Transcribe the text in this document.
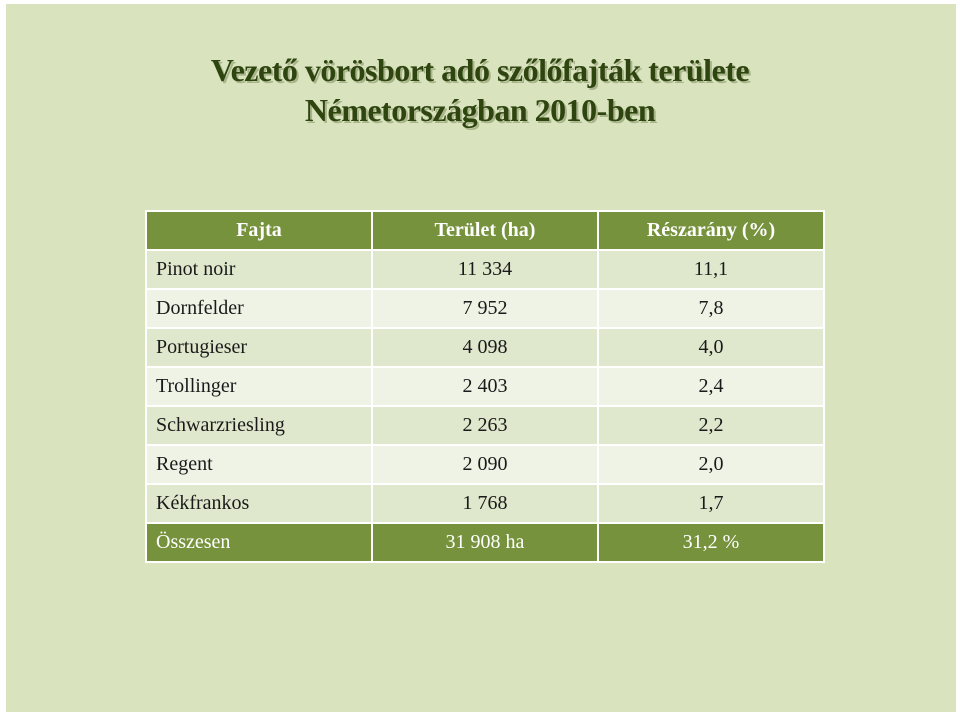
Vezető vörösbort adó szőlőfajták területe
Németországban 2010-ben
Fajta	Terület (ha)	Részarány (%)
Pinot noir	11 334	11,1
Dornfelder	7 952	7,8
Portugieser	4 098	4,0
Trollinger	2 403	2,4
Schwarzriesling	2 263	2,2
Regent	2 090	2,0
Kékfrankos	1 768	1,7
Összesen	31 908 ha	31,2 %
